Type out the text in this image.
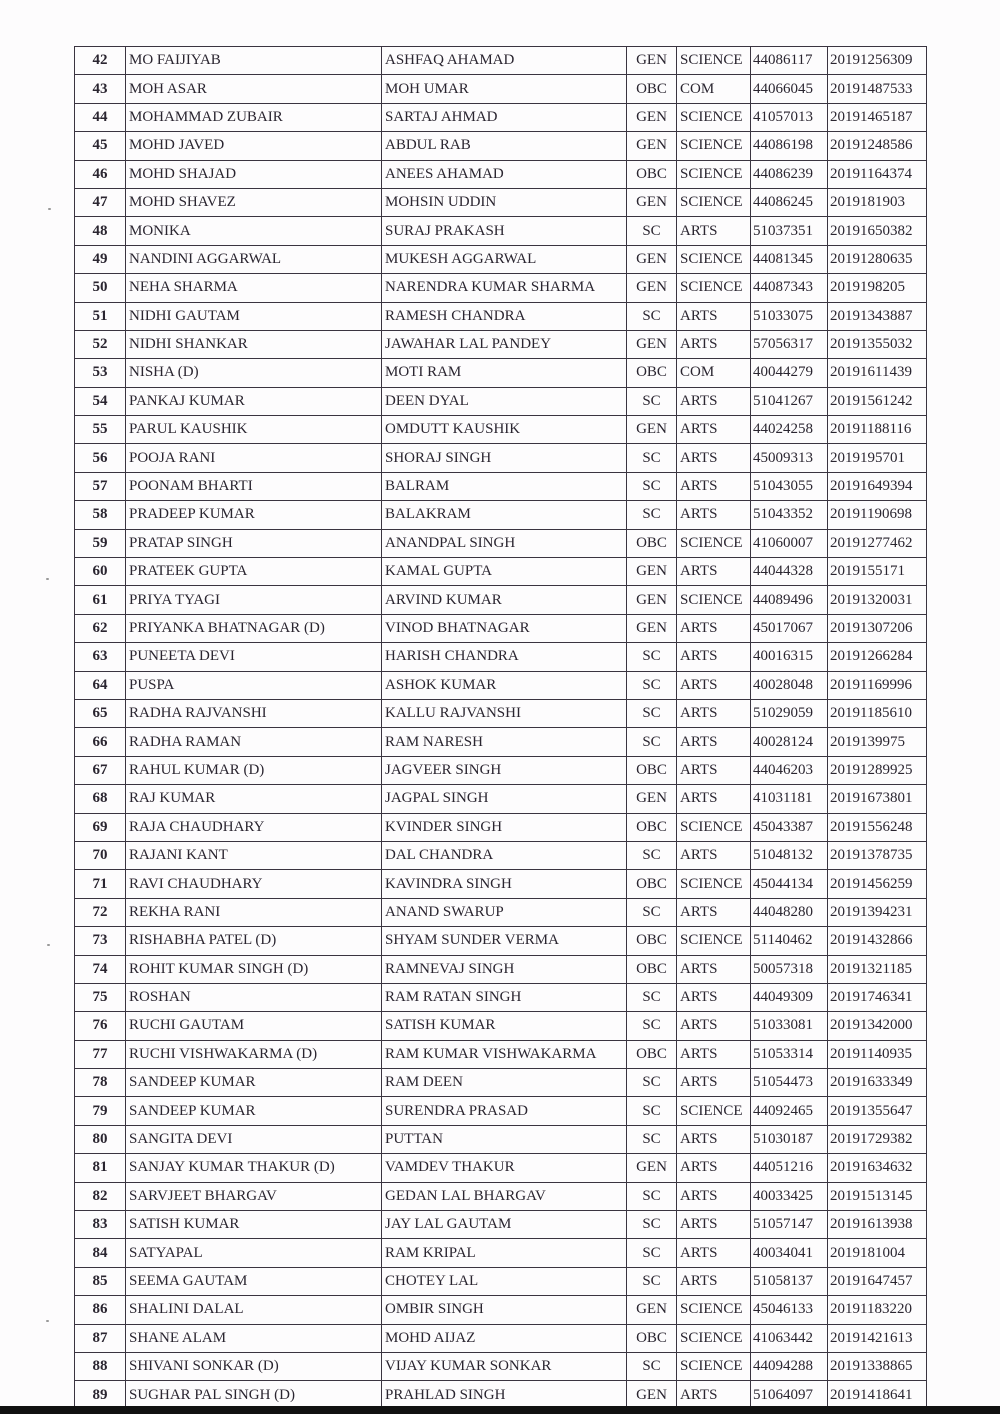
42	MO FAIJIYAB	ASHFAQ AHAMAD	GEN	SCIENCE	44086117	20191256309
43	MOH ASAR	MOH UMAR	OBC	COM	44066045	20191487533
44	MOHAMMAD ZUBAIR	SARTAJ AHMAD	GEN	SCIENCE	41057013	20191465187
45	MOHD JAVED	ABDUL RAB	GEN	SCIENCE	44086198	20191248586
46	MOHD SHAJAD	ANEES AHAMAD	OBC	SCIENCE	44086239	20191164374
47	MOHD SHAVEZ	MOHSIN UDDIN	GEN	SCIENCE	44086245	2019181903
48	MONIKA	SURAJ PRAKASH	SC	ARTS	51037351	20191650382
49	NANDINI AGGARWAL	MUKESH AGGARWAL	GEN	SCIENCE	44081345	20191280635
50	NEHA SHARMA	NARENDRA KUMAR SHARMA	GEN	SCIENCE	44087343	2019198205
51	NIDHI GAUTAM	RAMESH CHANDRA	SC	ARTS	51033075	20191343887
52	NIDHI SHANKAR	JAWAHAR LAL PANDEY	GEN	ARTS	57056317	20191355032
53	NISHA (D)	MOTI RAM	OBC	COM	40044279	20191611439
54	PANKAJ KUMAR	DEEN DYAL	SC	ARTS	51041267	20191561242
55	PARUL KAUSHIK	OMDUTT KAUSHIK	GEN	ARTS	44024258	20191188116
56	POOJA RANI	SHORAJ SINGH	SC	ARTS	45009313	2019195701
57	POONAM BHARTI	BALRAM	SC	ARTS	51043055	20191649394
58	PRADEEP KUMAR	BALAKRAM	SC	ARTS	51043352	20191190698
59	PRATAP SINGH	ANANDPAL SINGH	OBC	SCIENCE	41060007	20191277462
60	PRATEEK GUPTA	KAMAL GUPTA	GEN	ARTS	44044328	2019155171
61	PRIYA TYAGI	ARVIND KUMAR	GEN	SCIENCE	44089496	20191320031
62	PRIYANKA BHATNAGAR (D)	VINOD BHATNAGAR	GEN	ARTS	45017067	20191307206
63	PUNEETA DEVI	HARISH CHANDRA	SC	ARTS	40016315	20191266284
64	PUSPA	ASHOK KUMAR	SC	ARTS	40028048	20191169996
65	RADHA RAJVANSHI	KALLU RAJVANSHI	SC	ARTS	51029059	20191185610
66	RADHA RAMAN	RAM NARESH	SC	ARTS	40028124	2019139975
67	RAHUL KUMAR (D)	JAGVEER SINGH	OBC	ARTS	44046203	20191289925
68	RAJ KUMAR	JAGPAL SINGH	GEN	ARTS	41031181	20191673801
69	RAJA CHAUDHARY	KVINDER SINGH	OBC	SCIENCE	45043387	20191556248
70	RAJANI KANT	DAL CHANDRA	SC	ARTS	51048132	20191378735
71	RAVI CHAUDHARY	KAVINDRA SINGH	OBC	SCIENCE	45044134	20191456259
72	REKHA RANI	ANAND SWARUP	SC	ARTS	44048280	20191394231
73	RISHABHA PATEL (D)	SHYAM SUNDER VERMA	OBC	SCIENCE	51140462	20191432866
74	ROHIT KUMAR SINGH (D)	RAMNEVAJ SINGH	OBC	ARTS	50057318	20191321185
75	ROSHAN	RAM RATAN SINGH	SC	ARTS	44049309	20191746341
76	RUCHI GAUTAM	SATISH KUMAR	SC	ARTS	51033081	20191342000
77	RUCHI VISHWAKARMA (D)	RAM KUMAR VISHWAKARMA	OBC	ARTS	51053314	20191140935
78	SANDEEP KUMAR	RAM DEEN	SC	ARTS	51054473	20191633349
79	SANDEEP KUMAR	SURENDRA PRASAD	SC	SCIENCE	44092465	20191355647
80	SANGITA DEVI	PUTTAN	SC	ARTS	51030187	20191729382
81	SANJAY KUMAR THAKUR (D)	VAMDEV THAKUR	GEN	ARTS	44051216	20191634632
82	SARVJEET BHARGAV	GEDAN LAL BHARGAV	SC	ARTS	40033425	20191513145
83	SATISH KUMAR	JAY LAL GAUTAM	SC	ARTS	51057147	20191613938
84	SATYAPAL	RAM KRIPAL	SC	ARTS	40034041	2019181004
85	SEEMA GAUTAM	CHOTEY LAL	SC	ARTS	51058137	20191647457
86	SHALINI DALAL	OMBIR SINGH	GEN	SCIENCE	45046133	20191183220
87	SHANE ALAM	MOHD AIJAZ	OBC	SCIENCE	41063442	20191421613
88	SHIVANI SONKAR (D)	VIJAY KUMAR SONKAR	SC	SCIENCE	44094288	20191338865
89	SUGHAR PAL SINGH (D)	PRAHLAD SINGH	GEN	ARTS	51064097	20191418641
